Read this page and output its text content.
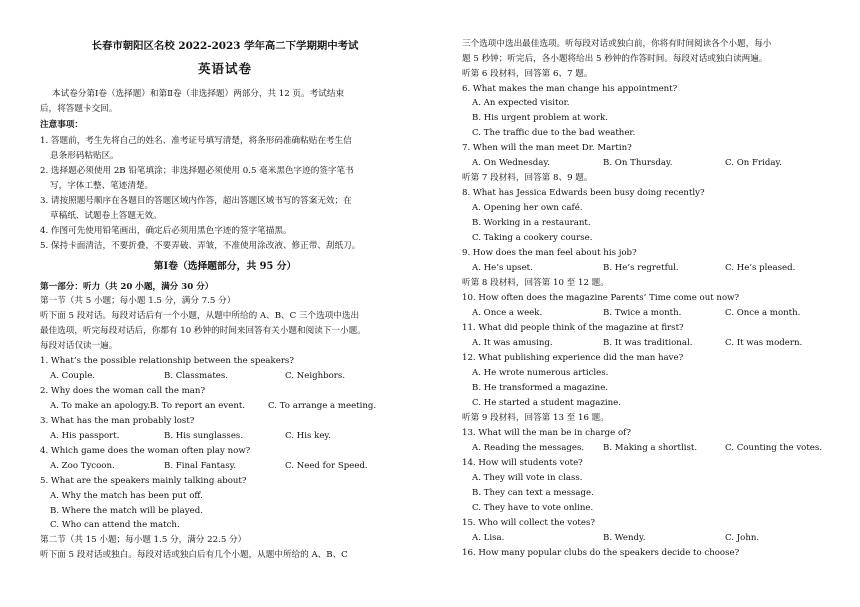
长春市朝阳区名校 2022-2023 学年高二下学期期中考试
英语试卷
本试卷分第Ⅰ卷（选择题）和第Ⅱ卷（非选择题）两部分，共 12 页。考试结束
后，将答题卡交回。
注意事项：
1. 答题前，考生先将自己的姓名、准考证号填写清楚，将条形码准确粘贴在考生信
息条形码粘贴区。
2. 选择题必须使用 2B 铅笔填涂；非选择题必须使用 0.5 毫米黑色字迹的签字笔书
写，字体工整、笔迹清楚。
3. 请按照题号顺序在各题目的答题区域内作答，超出答题区域书写的答案无效；在
草稿纸、试题卷上答题无效。
4. 作图可先使用铅笔画出，确定后必须用黑色字迹的签字笔描黑。
5. 保持卡面清洁，不要折叠，不要弄破、弄皱，不准使用涂改液、修正带、刮纸刀。
第Ⅰ卷（选择题部分，共 95 分）
第一部分：听力（共 20 小题，满分 30 分）
第一节（共 5 小题；每小题 1.5 分，满分 7.5 分）
听下面 5 段对话。每段对话后有一个小题，从题中所给的 A、B、C 三个选项中选出
最佳选项，听完每段对话后，你都有 10 秒钟的时间来回答有关小题和阅读下一小题。
每段对话仅读一遍。
1. What’s the possible relationship between the speakers?
A. Couple.	B. Classmates.	C. Neighbors.
2. Why does the woman call the man?
A. To make an apology.B. To report an event.	C. To arrange a meeting.
3. What has the man probably lost?
A. His passport.	B. His sunglasses.	C. His key.
4. Which game does the woman often play now?
A. Zoo Tycoon.	B. Final Fantasy.	C. Need for Speed.
5. What are the speakers mainly talking about?
A. Why the match has been put off.
B. Where the match will be played.
C. Who can attend the match.
第二节（共 15 小题；每小题 1.5 分，满分 22.5 分）
听下面 5 段对话或独白。每段对话或独白后有几个小题，从题中所给的 A、B、C
三个选项中选出最佳选项。听每段对话或独白前，你将有时间阅读各个小题，每小
题 5 秒钟；听完后，各小题将给出 5 秒钟的作答时间。每段对话或独白读两遍。
听第 6 段材料，回答第 6、7 题。
6. What makes the man change his appointment?
A. An expected visitor.
B. His urgent problem at work.
C. The traffic due to the bad weather.
7. When will the man meet Dr. Martin?
A. On Wednesday.	B. On Thursday.	C. On Friday.
听第 7 段材料，回答第 8、9 题。
8. What has Jessica Edwards been busy doing recently?
A. Opening her own café.
B. Working in a restaurant.
C. Taking a cookery course.
9. How does the man feel about his job?
A. He’s upset.	B. He’s regretful.	C. He’s pleased.
听第 8 段材料，回答第 10 至 12 题。
10. How often does the magazine Parents’ Time come out now?
A. Once a week.	B. Twice a month.	C. Once a month.
11. What did people think of the magazine at first?
A. It was amusing.	B. It was traditional.	C. It was modern.
12. What publishing experience did the man have?
A. He wrote numerous articles.
B. He transformed a magazine.
C. He started a student magazine.
听第 9 段材料，回答第 13 至 16 题。
13. What will the man be in charge of?
A. Reading the messages. B. Making a shortlist.	C. Counting the votes.
14. How will students vote?
A. They will vote in class.
B. They can text a message.
C. They have to vote online.
15. Who will collect the votes?
A. Lisa.	B. Wendy.	C. John.
16. How many popular clubs do the speakers decide to choose?
